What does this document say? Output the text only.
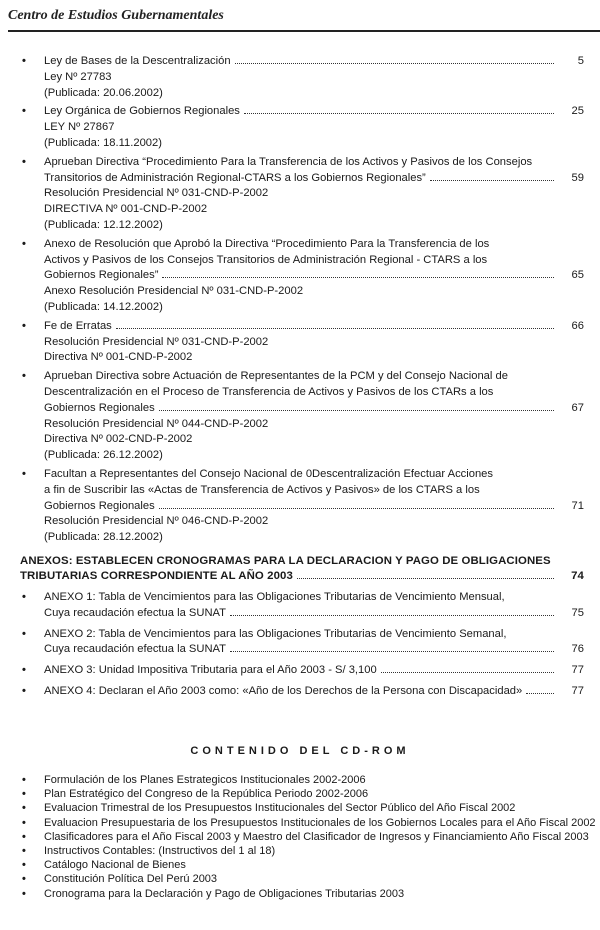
Centro de Estudios Gubernamentales
• Ley de Bases de la Descentralización	5
Ley Nº 27783
(Publicada: 20.06.2002)
• Ley Orgánica de Gobiernos Regionales	25
LEY Nº 27867
(Publicada: 18.11.2002)
• Aprueban Directiva “Procedimiento Para la Transferencia de los Activos y Pasivos de los Consejos
Transitorios de Administración Regional-CTARS a los Gobiernos Regionales”	59
Resolución Presidencial Nº 031-CND-P-2002
DIRECTIVA Nº 001-CND-P-2002
(Publicada: 12.12.2002)
• Anexo de Resolución que Aprobó la Directiva “Procedimiento Para la Transferencia de los
Activos y Pasivos de los Consejos Transitorios de Administración Regional - CTARS a los
Gobiernos Regionales”	65
Anexo Resolución Presidencial Nº 031-CND-P-2002
(Publicada: 14.12.2002)
• Fe de Erratas	66
Resolución Presidencial Nº 031-CND-P-2002
Directiva Nº 001-CND-P-2002
• Aprueban Directiva sobre Actuación de Representantes de la PCM y del Consejo Nacional de
Descentralización en el Proceso de Transferencia de Activos y Pasivos de los CTARs a los
Gobiernos Regionales	67
Resolución Presidencial Nº 044-CND-P-2002
Directiva Nº 002-CND-P-2002
(Publicada: 26.12.2002)
• Facultan a Representantes del Consejo Nacional de 0Descentralización Efectuar Acciones
a fin de Suscribir las «Actas de Transferencia de Activos y Pasivos» de los CTARS a los
Gobiernos Regionales	71
Resolución Presidencial Nº 046-CND-P-2002
(Publicada: 28.12.2002)
ANEXOS: ESTABLECEN CRONOGRAMAS PARA LA DECLARACION Y PAGO DE OBLIGACIONES
TRIBUTARIAS CORRESPONDIENTE AL AÑO 2003	74
• ANEXO 1: Tabla de Vencimientos para las Obligaciones Tributarias de Vencimiento Mensual,
Cuya recaudación efectua la SUNAT	75
• ANEXO 2: Tabla de Vencimientos para las Obligaciones Tributarias de Vencimiento Semanal,
Cuya recaudación efectua la SUNAT	76
• ANEXO 3: Unidad Impositiva Tributaria para el Año 2003 - S/ 3,100	77
• ANEXO 4: Declaran el Año 2003 como: «Año de los Derechos de la Persona con Discapacidad»	77
CONTENIDO DEL CD-ROM
• Formulación de los Planes Estrategicos Institucionales 2002-2006
• Plan Estratégico del Congreso de la República Periodo 2002-2006
• Evaluacion Trimestral de los Presupuestos Institucionales del Sector Público del Año Fiscal 2002
• Evaluacion Presupuestaria de los Presupuestos Institucionales de los Gobiernos Locales para el Año Fiscal 2002
• Clasificadores para el Año Fiscal 2003 y Maestro del Clasificador de Ingresos y Financiamiento Año Fiscal 2003
• Instructivos Contables: (Instructivos del 1 al 18)
• Catálogo Nacional de Bienes
• Constitución Política Del Perú 2003
• Cronograma para la Declaración y Pago de Obligaciones Tributarias 2003
